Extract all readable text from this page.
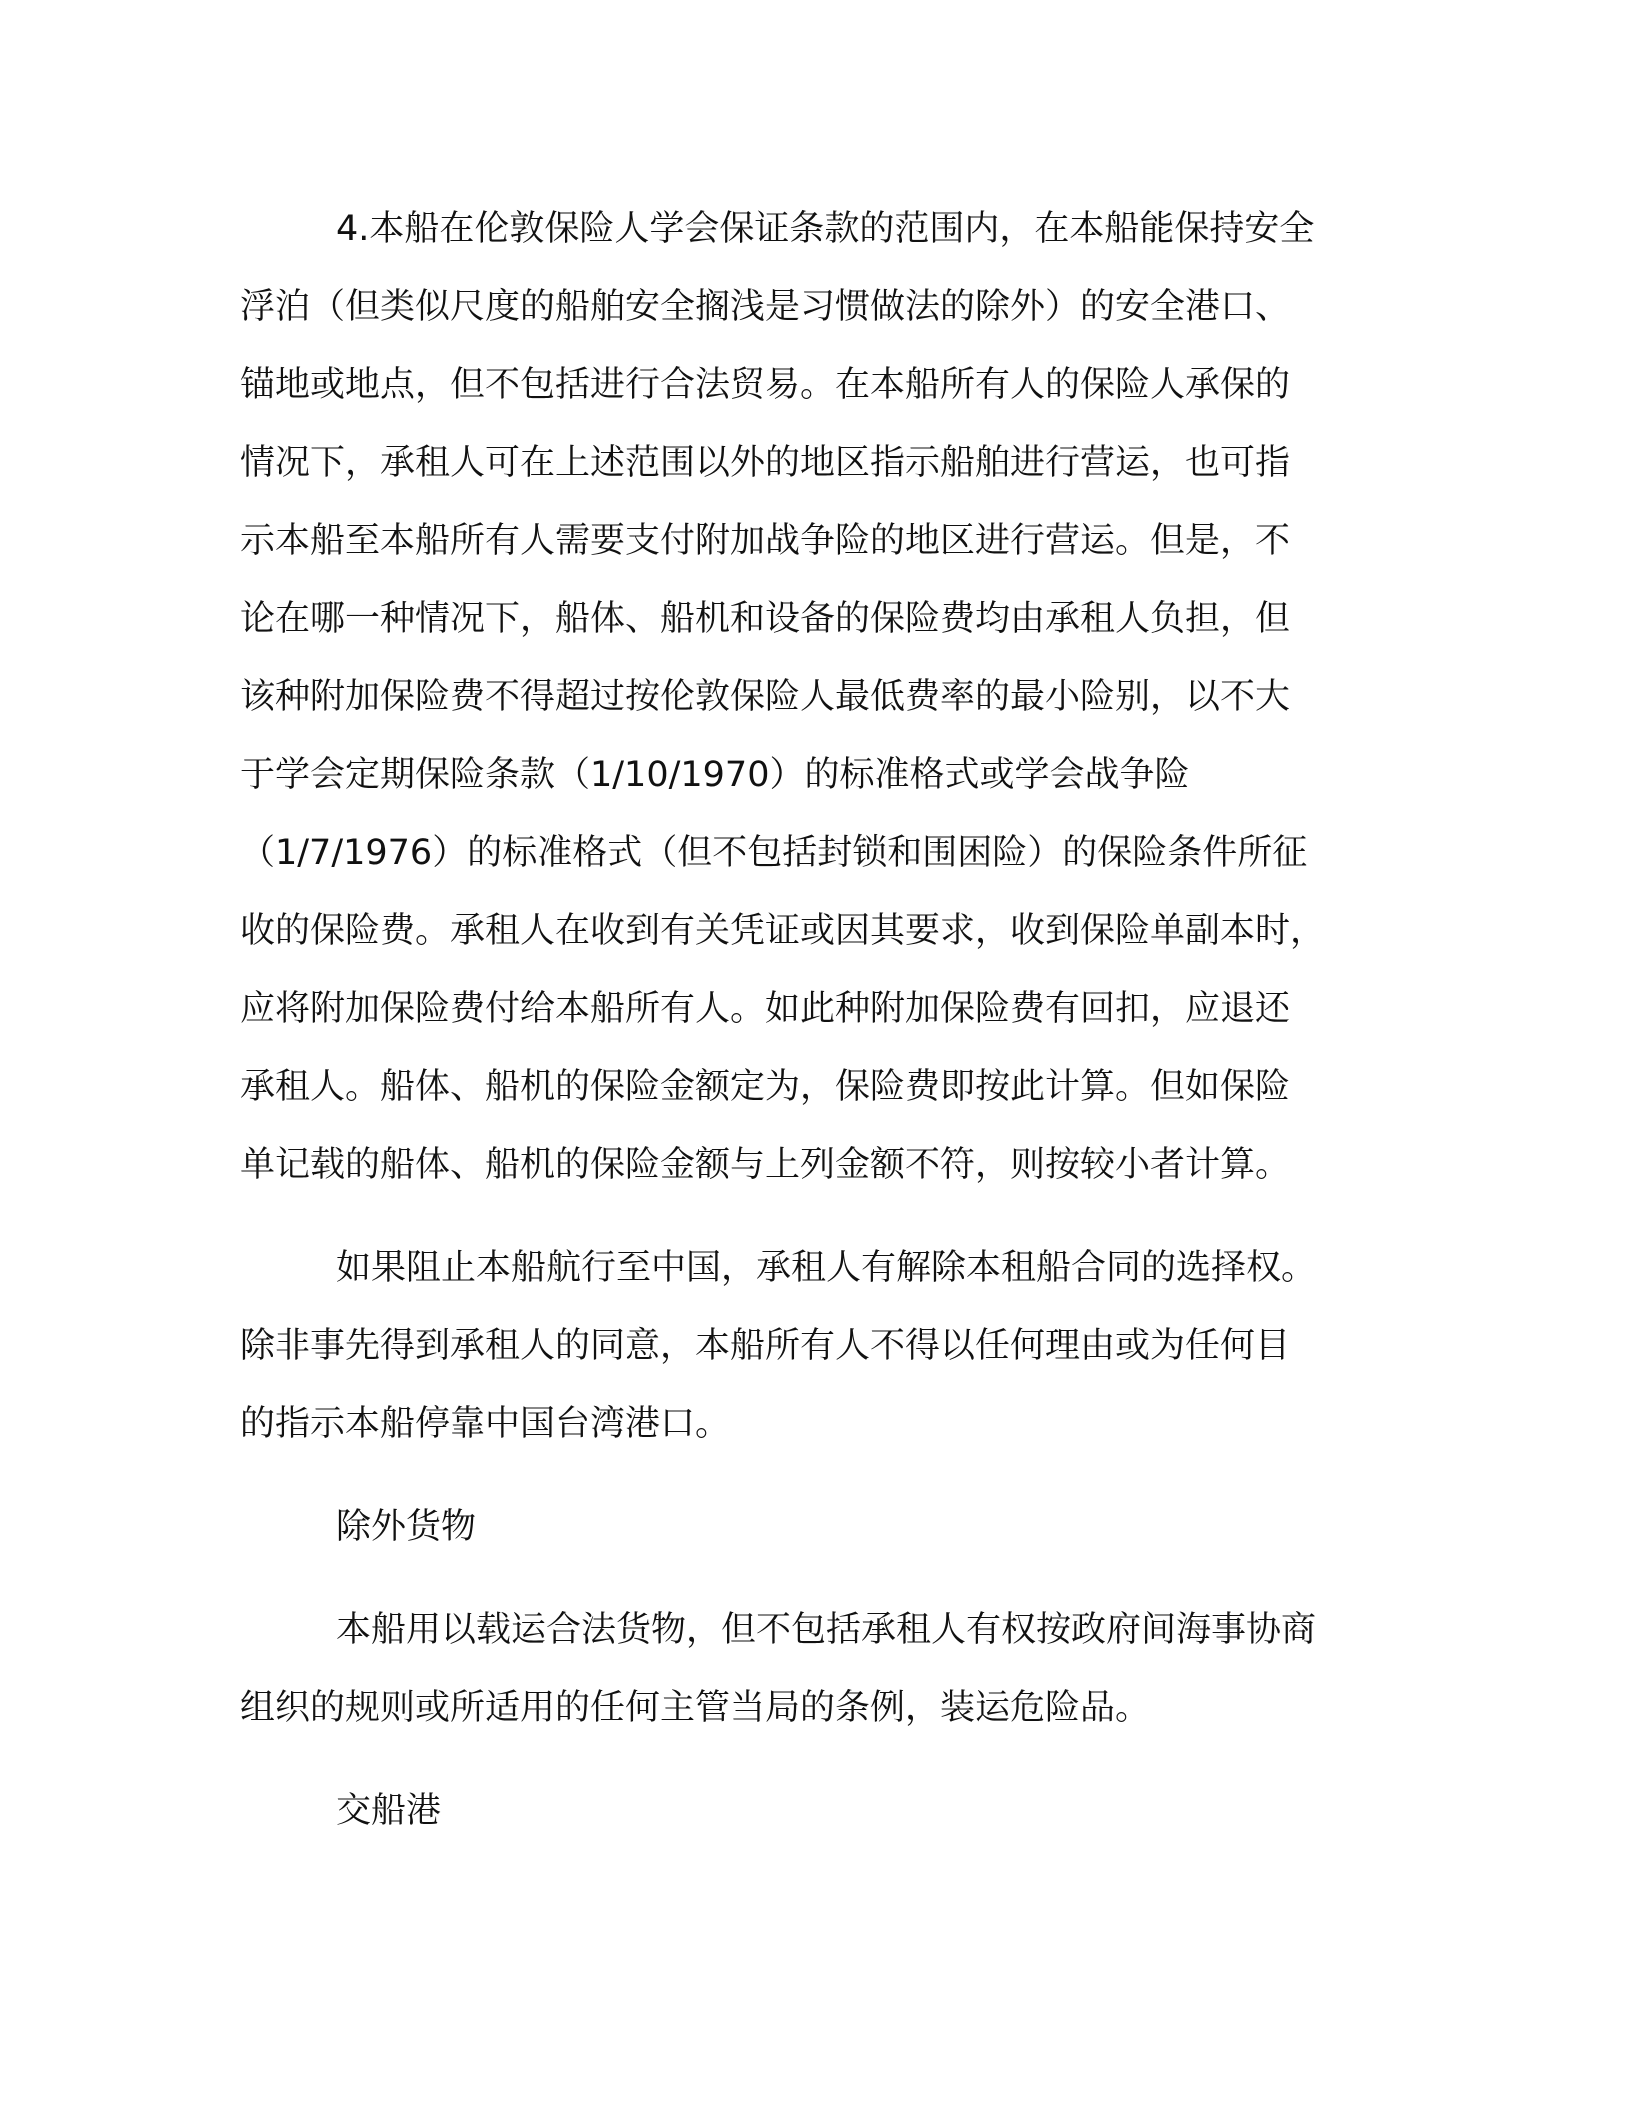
4.本船在伦敦保险人学会保证条款的范围内，在本船能保持安全
浮泊（但类似尺度的船舶安全搁浅是习惯做法的除外）的安全港口、
锚地或地点，但不包括进行合法贸易。在本船所有人的保险人承保的
情况下，承租人可在上述范围以外的地区指示船舶进行营运，也可指
示本船至本船所有人需要支付附加战争险的地区进行营运。但是，不
论在哪一种情况下，船体、船机和设备的保险费均由承租人负担，但
该种附加保险费不得超过按伦敦保险人最低费率的最小险别，以不大
于学会定期保险条款（1/10/1970）的标准格式或学会战争险
（1/7/1976）的标准格式（但不包括封锁和围困险）的保险条件所征
收的保险费。承租人在收到有关凭证或因其要求，收到保险单副本时，
应将附加保险费付给本船所有人。如此种附加保险费有回扣，应退还
承租人。船体、船机的保险金额定为，保险费即按此计算。但如保险
单记载的船体、船机的保险金额与上列金额不符，则按较小者计算。
如果阻止本船航行至中国，承租人有解除本租船合同的选择权。
除非事先得到承租人的同意，本船所有人不得以任何理由或为任何目
的指示本船停靠中国台湾港口。
除外货物
本船用以载运合法货物，但不包括承租人有权按政府间海事协商
组织的规则或所适用的任何主管当局的条例，装运危险品。
交船港
